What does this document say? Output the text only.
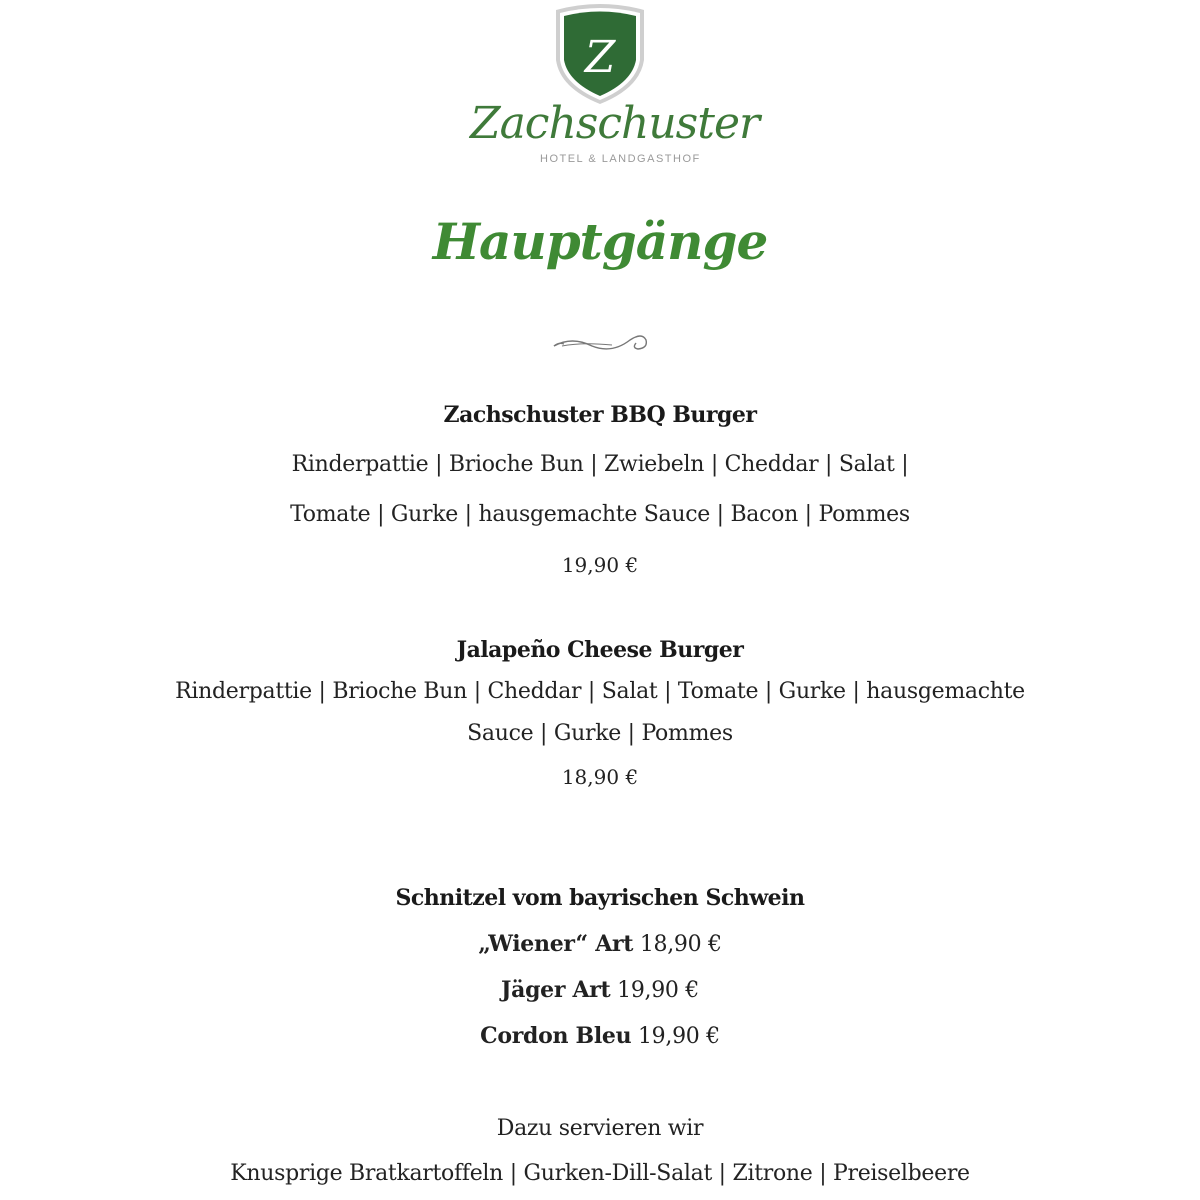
Z
Zachschuster
HOTEL & LANDGASTHOF
Hauptgänge
Zachschuster BBQ Burger
Rinderpattie | Brioche Bun | Zwiebeln | Cheddar | Salat |
Tomate | Gurke | hausgemachte Sauce | Bacon | Pommes
19,90 €
Jalapeño Cheese Burger
Rinderpattie | Brioche Bun | Cheddar | Salat | Tomate | Gurke | hausgemachte
Sauce | Gurke | Pommes
18,90 €
Schnitzel vom bayrischen Schwein
„Wiener“ Art 18,90 €
Jäger Art 19,90 €
Cordon Bleu 19,90 €
Dazu servieren wir
Knusprige Bratkartoffeln | Gurken-Dill-Salat | Zitrone | Preiselbeere
